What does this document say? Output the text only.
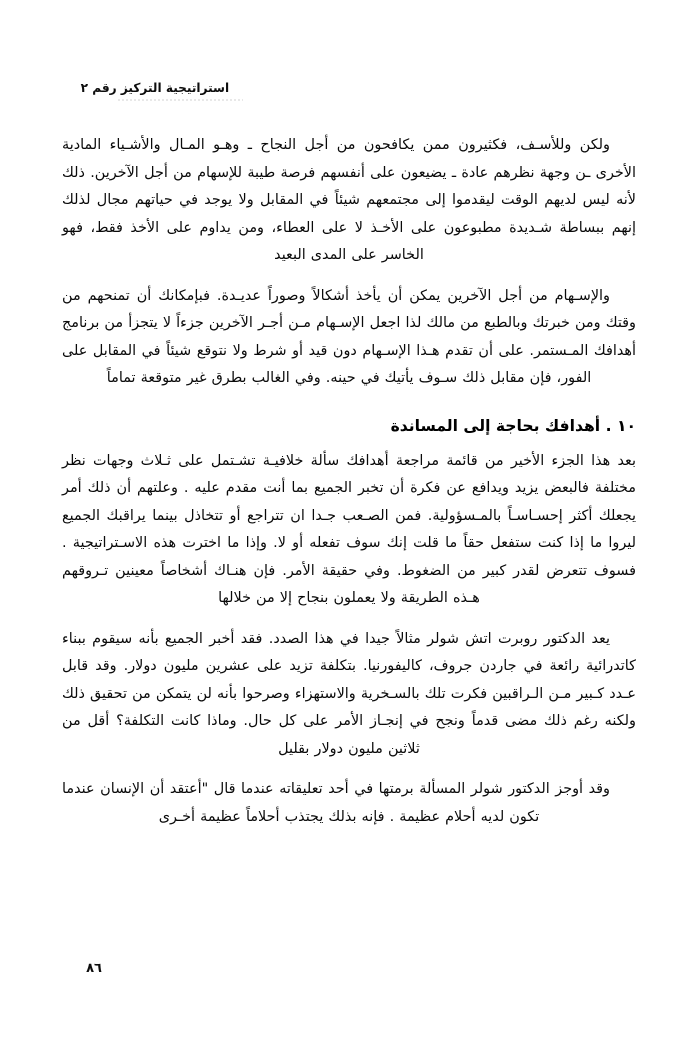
استراتيجية التركيز رقم ٢

ولكن وللأسـف، فكثيرون ممن يكافحون من أجل النجاح ـ وهـو المـال والأشـياء المادية الأخرى ـن وجهة نظرهم عادة ـ يضيعون على أنفسهم فرصة طيبة للإسهام من أجل الآخرين. ذلك لأنه ليس لديهم الوقت ليقدموا إلى مجتمعهم شيئاً في المقابل ولا يوجد في حياتهم مجال لذلك إنهم ببساطة شـديدة مطبوعون على الأخـذ لا على العطاء، ومن يداوم على الأخذ فقط، فهو الخاسر على المدى البعيد

والإسـهام من أجل الآخرين يمكن أن يأخذ أشكالاً وصوراً عديـدة. فبإمكانك أن تمنحهم من وقتك ومن خبرتك وبالطبع من مالك لذا اجعل الإسـهام مـن أجـر الآخرين جزءاً لا يتجزأ من برنامج أهدافك المـستمر. على أن تقدم هـذا الإسـهام دون قيد أو شرط ولا نتوقع شيئاً في المقابل على الفور، فإن مقابل ذلك سـوف يأتيك في حينه. وفي الغالب بطرق غير متوقعة تماماً

١٠ . أهدافك بحاجة إلى المساندة

بعد هذا الجزء الأخير من قائمة مراجعة أهدافك سألة خلافيـة تشـتمل على ثـلاث وجهات نظر مختلفة فالبعض يزيد ويدافع عن فكرة أن تخبر الجميع بما أنت مقدم عليه . وعلتهم أن ذلك أمر يجعلك أكثر إحسـاسـاً بالمـسؤولية. فمن الصـعب جـدا ان تتراجع أو تتخاذل بينما يراقبك الجميع ليروا ما إذا كنت ستفعل حقاً ما قلت إنك سوف تفعله أو لا. وإذا ما اخترت هذه الاسـتراتيجية . فسوف تتعرض لقدر كبير من الضغوط. وفي حقيقة الأمر. فإن هنـاك أشخاصاً معينين تـروقهم هـذه الطريقة ولا يعملون بنجاح إلا من خلالها

يعد الدكتور روبرت اتش شولر مثالاً جيدا في هذا الصدد. فقد أخبر الجميع بأنه سيقوم ببناء كاتدرائية رائعة في جاردن جروف، كاليفورنيا. بتكلفة تزيد على عشرين مليون دولار. وقد قابل عـدد كـبير مـن الـراقبين فكرت تلك بالسـخرية والاستهزاء وصرحوا بأنه لن يتمكن من تحقيق ذلك ولكنه رغم ذلك مضى قدماً ونجح في إنجـاز الأمر على كل حال. وماذا كانت التكلفة؟ أقل من ثلاثين مليون دولار بقليل

وقد أوجز الدكتور شولر المسألة برمتها في أحد تعليقاته عندما قال "أعتقد أن الإنسان عندما تكون لديه أحلام عظيمة . فإنه بذلك يجتذب أحلاماً عظيمة أخـرى

٨٦
